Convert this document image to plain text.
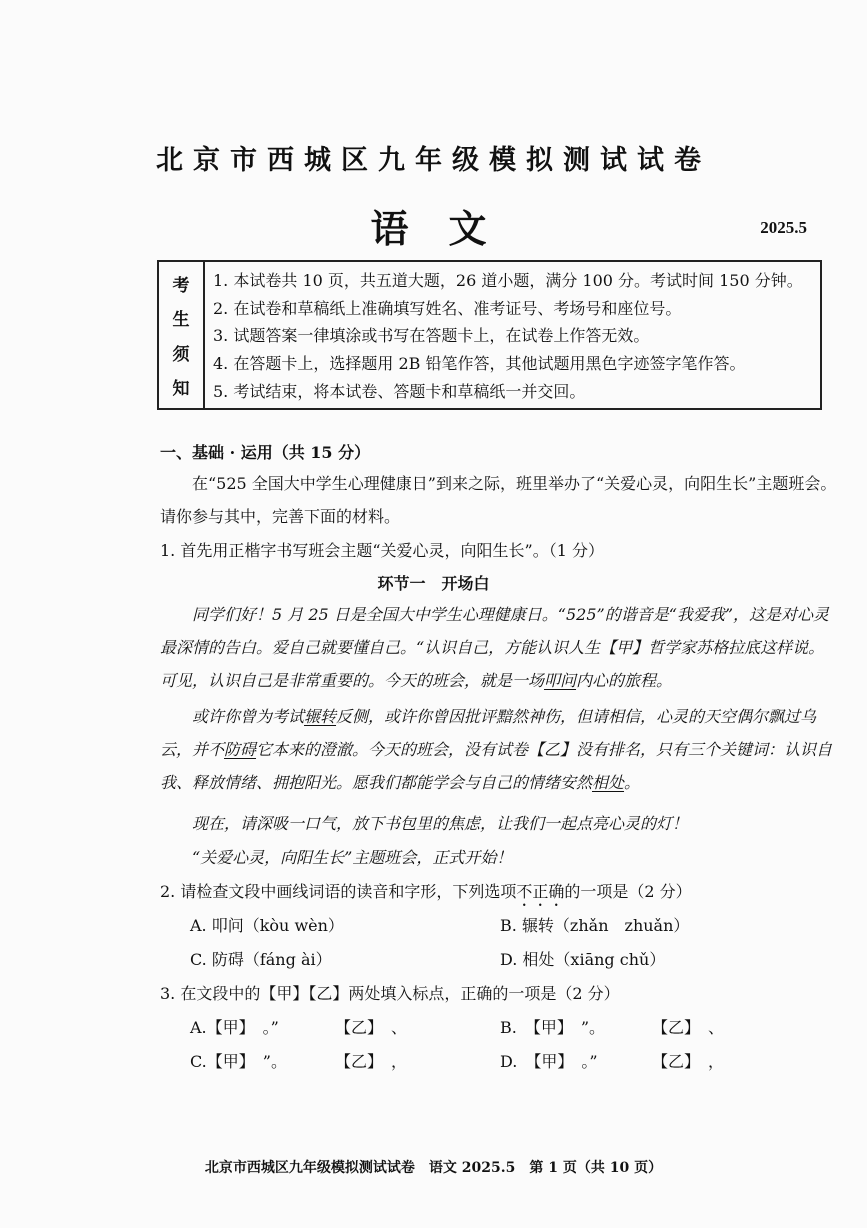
北京市西城区九年级模拟测试试卷
语文	2025.5
考
生
须
知
1. 本试卷共 10 页，共五道大题，26 道小题，满分 100 分。考试时间 150 分钟。
2. 在试卷和草稿纸上准确填写姓名、准考证号、考场号和座位号。
3. 试题答案一律填涂或书写在答题卡上，在试卷上作答无效。
4. 在答题卡上，选择题用 2B 铅笔作答，其他试题用黑色字迹签字笔作答。
5. 考试结束，将本试卷、答题卡和草稿纸一并交回。
一、基础 · 运用（共 15 分）
在“525 全国大中学生心理健康日”到来之际，班里举办了“关爱心灵，向阳生长”主题班会。请你参与其中，完善下面的材料。
1. 首先用正楷字书写班会主题“关爱心灵，向阳生长”。（1 分）
环节一　开场白
同学们好！5 月 25 日是全国大中学生心理健康日。“525”的谐音是“我爱我”，这是对心灵最深情的告白。爱自己就要懂自己。“认识自己，方能认识人生【甲】哲学家苏格拉底这样说。可见，认识自己是非常重要的。今天的班会，就是一场叩问内心的旅程。
或许你曾为考试辗转反侧，或许你曾因批评黯然神伤，但请相信，心灵的天空偶尔飘过乌云，并不防碍它本来的澄澈。今天的班会，没有试卷【乙】没有排名，只有三个关键词：认识自我、释放情绪、拥抱阳光。愿我们都能学会与自己的情绪安然相处。
现在，请深吸一口气，放下书包里的焦虑，让我们一起点亮心灵的灯！
“关爱心灵，向阳生长”主题班会，正式开始！
2. 请检查文段中画线词语的读音和字形，下列选项不正确的一项是（2 分）
A. 叩问（kòu wèn）	B. 辗转（zhǎn　zhuǎn）
C. 防碍（fáng ài）	D. 相处（xiāng chǔ）
3. 在文段中的【甲】【乙】两处填入标点，正确的一项是（2 分）
A.【甲】　。”	【乙】　、	B.　【甲】　”。	【乙】　、
C.【甲】　”。	【乙】　，	D.　【甲】　。”	【乙】　，
北京市西城区九年级模拟测试试卷　语文 2025.5　第 1 页（共 10 页）
